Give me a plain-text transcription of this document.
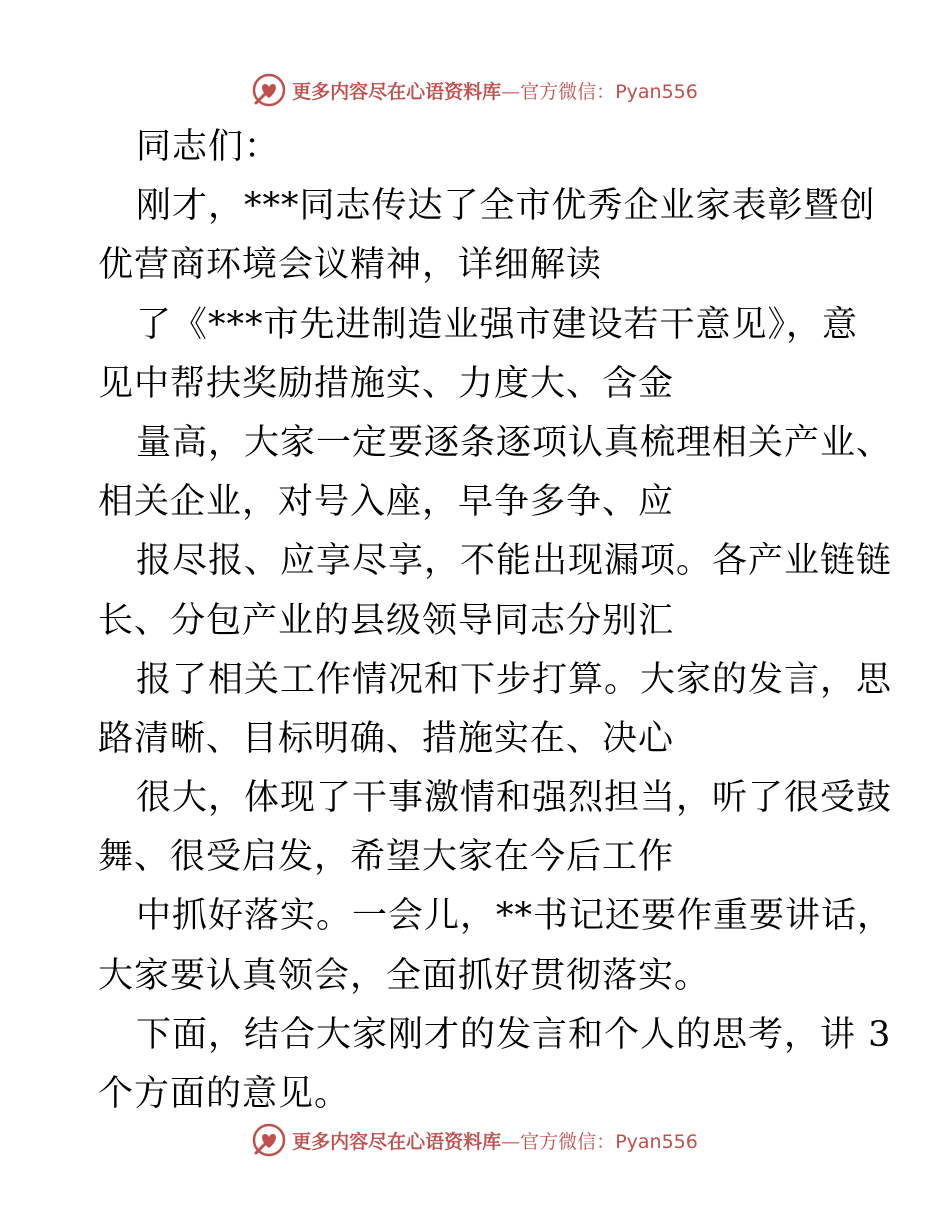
更多内容尽在心语资料库—官方微信：Pyan556
同志们：
刚才，***同志传达了全市优秀企业家表彰暨创
优营商环境会议精神，详细解读
了《***市先进制造业强市建设若干意见》，意
见中帮扶奖励措施实、力度大、含金
量高，大家一定要逐条逐项认真梳理相关产业、
相关企业，对号入座，早争多争、应
报尽报、应享尽享，不能出现漏项。各产业链链
长、分包产业的县级领导同志分别汇
报了相关工作情况和下步打算。大家的发言，思
路清晰、目标明确、措施实在、决心
很大，体现了干事激情和强烈担当，听了很受鼓
舞、很受启发，希望大家在今后工作
中抓好落实。一会儿，**书记还要作重要讲话，
大家要认真领会，全面抓好贯彻落实。
下面，结合大家刚才的发言和个人的思考，讲 3
个方面的意见。
更多内容尽在心语资料库—官方微信：Pyan556
